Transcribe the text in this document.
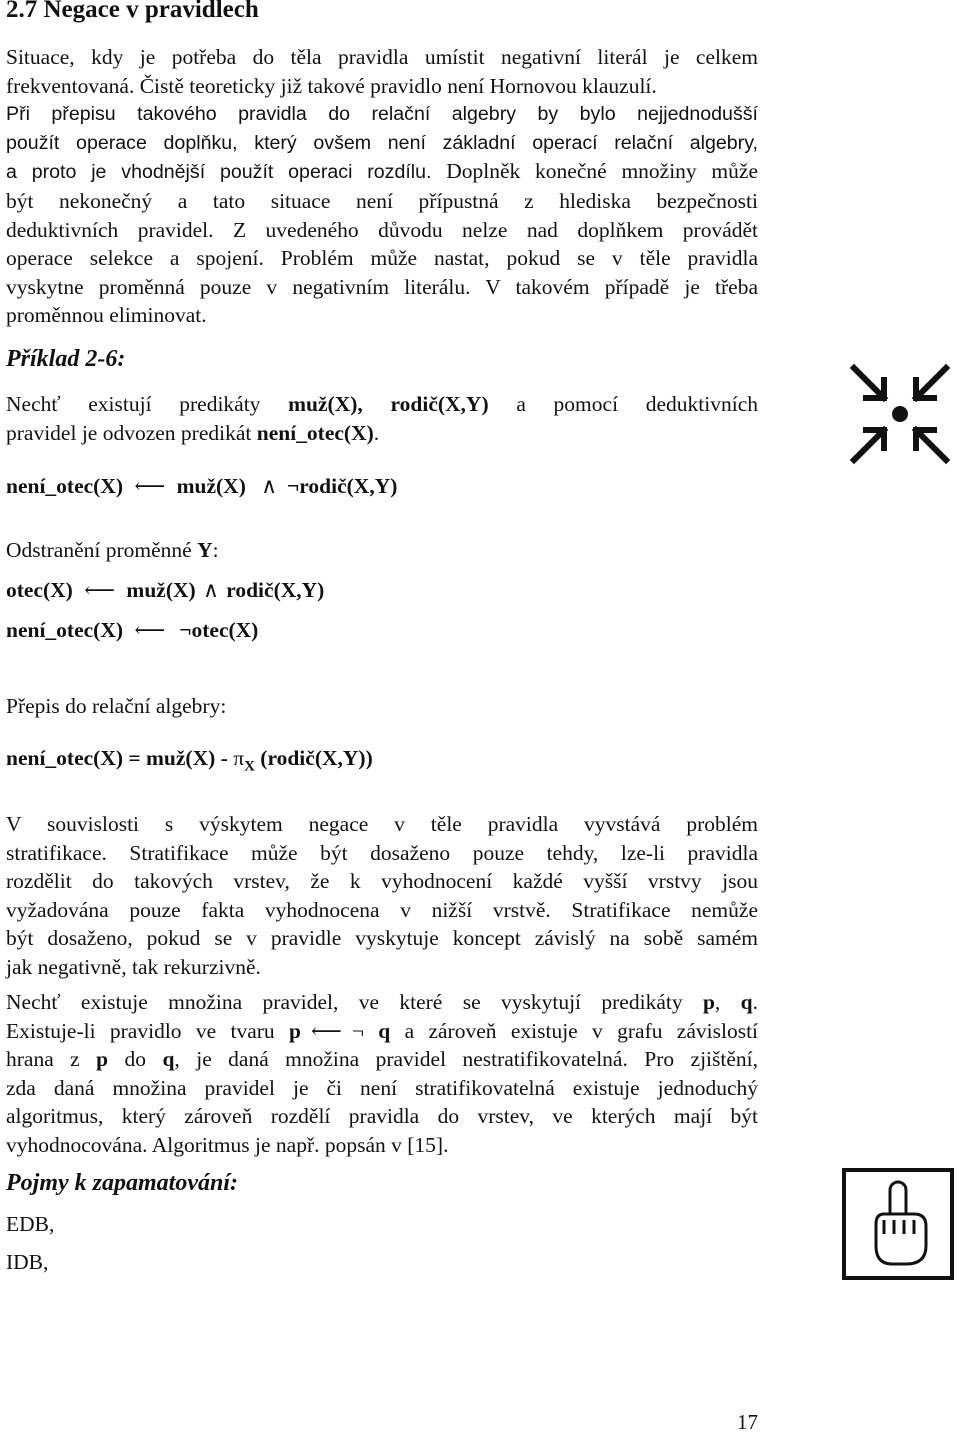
2.7 Negace v pravidlech
Situace, kdy je potřeba do těla pravidla umístit negativní literál je celkem
frekventovaná. Čistě teoreticky již takové pravidlo není Hornovou klauzulí.
Při přepisu takového pravidla do relační algebry by bylo nejjednodušší
použít operace doplňku, který ovšem není základní operací relační algebry,
a proto je vhodnější použít operaci rozdílu. Doplněk konečné množiny může
být nekonečný a tato situace není přípustná z hlediska bezpečnosti
deduktivních pravidel. Z uvedeného důvodu nelze nad doplňkem provádět
operace selekce a spojení. Problém může nastat, pokud se v těle pravidla
vyskytne proměnná pouze v negativním literálu. V takovém případě je třeba
proměnnou eliminovat.
Příklad 2-6:
Nechť existují predikáty muž(X), rodič(X,Y) a pomocí deduktivních
pravidel je odvozen predikát není_otec(X).
není_otec(X) ⟵ muž(X) ∧ ¬rodič(X,Y)
Odstranění proměnné Y:
otec(X) ⟵ muž(X) ∧ rodič(X,Y)
není_otec(X) ⟵ ¬otec(X)
Přepis do relační algebry:
není_otec(X) = muž(X) - $\pi_X$ (rodič(X,Y))
V souvislosti s výskytem negace v těle pravidla vyvstává problém
stratifikace. Stratifikace může být dosaženo pouze tehdy, lze-li pravidla
rozdělit do takových vrstev, že k vyhodnocení každé vyšší vrstvy jsou
vyžadována pouze fakta vyhodnocena v nižší vrstvě. Stratifikace nemůže
být dosaženo, pokud se v pravidle vyskytuje koncept závislý na sobě samém
jak negativně, tak rekurzivně.
Nechť existuje množina pravidel, ve které se vyskytují predikáty p, q.
Existuje-li pravidlo ve tvaru p ⟵ ¬ q a zároveň existuje v grafu závislostí
hrana z p do q, je daná množina pravidel nestratifikovatelná. Pro zjištění,
zda daná množina pravidel je či není stratifikovatelná existuje jednoduchý
algoritmus, který zároveň rozdělí pravidla do vrstev, ve kterých mají být
vyhodnocována. Algoritmus je např. popsán v [15].
Pojmy k zapamatování:
EDB,
IDB,
17
